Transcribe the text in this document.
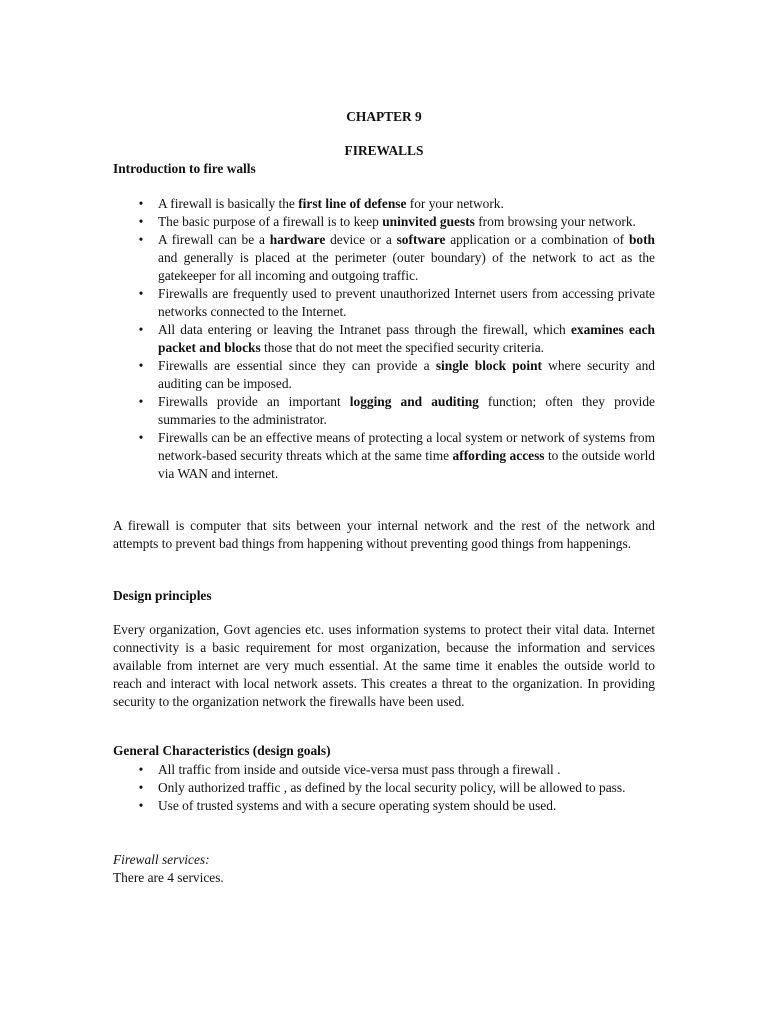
CHAPTER 9
FIREWALLS
Introduction to fire walls
• A firewall is basically the first line of defense for your network.
• The basic purpose of a firewall is to keep uninvited guests from browsing your network.
• A firewall can be a hardware device or a software application or a combination of both and generally is placed at the perimeter (outer boundary) of the network to act as the gatekeeper for all incoming and outgoing traffic.
• Firewalls are frequently used to prevent unauthorized Internet users from accessing private networks connected to the Internet.
• All data entering or leaving the Intranet pass through the firewall, which examines each packet and blocks those that do not meet the specified security criteria.
• Firewalls are essential since they can provide a single block point where security and auditing can be imposed.
• Firewalls provide an important logging and auditing function; often they provide summaries to the administrator.
• Firewalls can be an effective means of protecting a local system or network of systems from network-based security threats which at the same time affording access to the outside world via WAN and internet.
A firewall is computer that sits between your internal network and the rest of the network and attempts to prevent bad things from happening without preventing good things from happenings.
Design principles
Every organization, Govt agencies etc. uses information systems to protect their vital data. Internet connectivity is a basic requirement for most organization, because the information and services available from internet are very much essential. At the same time it enables the outside world to reach and interact with local network assets. This creates a threat to the organization. In providing security to the organization network the firewalls have been used.
General Characteristics (design goals)
• All traffic from inside and outside vice-versa must pass through a firewall .
• Only authorized traffic , as defined by the local security policy, will be allowed to pass.
• Use of trusted systems and with a secure operating system should be used.
Firewall services:
There are 4 services.
